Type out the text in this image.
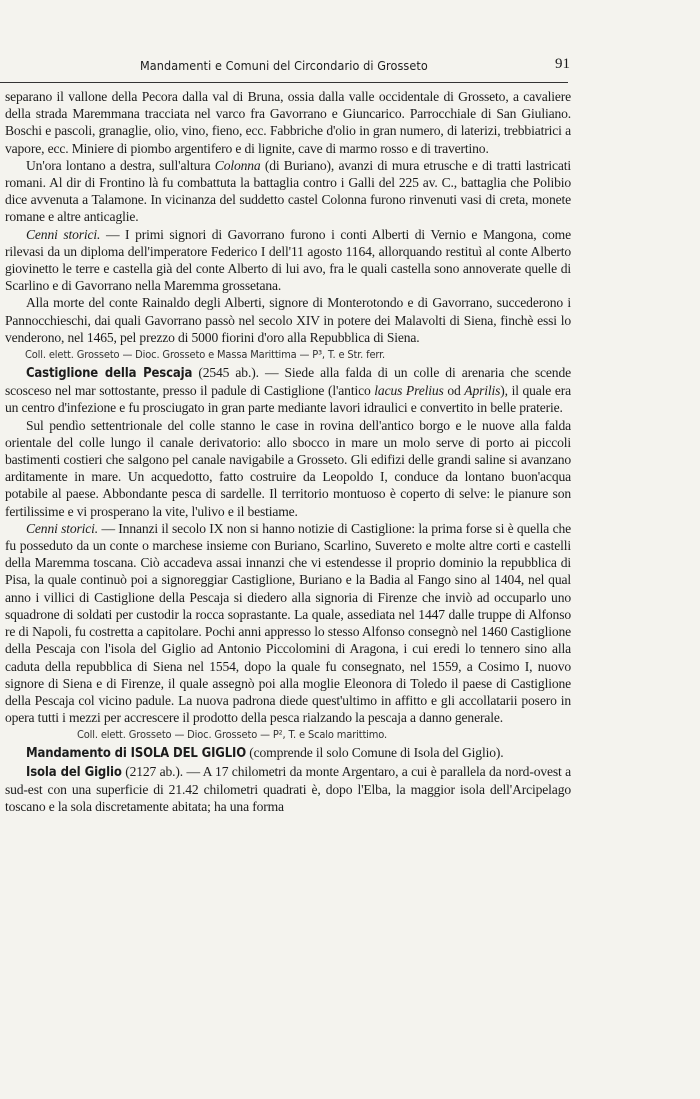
Mandamenti e Comuni del Circondario di Grosseto	91

separano il vallone della Pecora dalla val di Bruna, ossia dalla valle occidentale di Grosseto, a cavaliere della strada Maremmana tracciata nel varco fra Gavorrano e Giuncarico. Parrocchiale di San Giuliano. Boschi e pascoli, granaglie, olio, vino, fieno, ecc. Fabbriche d'olio in gran numero, di laterizi, trebbiatrici a vapore, ecc. Miniere di piombo argentifero e di lignite, cave di marmo rosso e di travertino.

Un'ora lontano a destra, sull'altura Colonna (di Buriano), avanzi di mura etrusche e di tratti lastricati romani. Al dir di Frontino là fu combattuta la battaglia contro i Galli del 225 av. C., battaglia che Polibio dice avvenuta a Talamone. In vicinanza del suddetto castel Colonna furono rinvenuti vasi di creta, monete romane e altre anticaglie.

Cenni storici. — I primi signori di Gavorrano furono i conti Alberti di Vernio e Mangona, come rilevasi da un diploma dell'imperatore Federico I dell'11 agosto 1164, allorquando restituì al conte Alberto giovinetto le terre e castella già del conte Alberto di lui avo, fra le quali castella sono annoverate quelle di Scarlino e di Gavorrano nella Maremma grossetana.

Alla morte del conte Rainaldo degli Alberti, signore di Monterotondo e di Gavorrano, succederono i Pannocchieschi, dai quali Gavorrano passò nel secolo XIV in potere dei Malavolti di Siena, finchè essi lo venderono, nel 1465, pel prezzo di 5000 fiorini d'oro alla Repubblica di Siena.

Coll. elett. Grosseto — Dioc. Grosseto e Massa Marittima — P³, T. e Str. ferr.

Castiglione della Pescaja (2545 ab.). — Siede alla falda di un colle di arenaria che scende scosceso nel mar sottostante, presso il padule di Castiglione (l'antico lacus Prelius od Aprilis), il quale era un centro d'infezione e fu prosciugato in gran parte mediante lavori idraulici e convertito in belle praterie.

Sul pendìo settentrionale del colle stanno le case in rovina dell'antico borgo e le nuove alla falda orientale del colle lungo il canale derivatorio: allo sbocco in mare un molo serve di porto ai piccoli bastimenti costieri che salgono pel canale navigabile a Grosseto. Gli edifizi delle grandi saline si avanzano arditamente in mare. Un acquedotto, fatto costruire da Leopoldo I, conduce da lontano buon'acqua potabile al paese. Abbondante pesca di sardelle. Il territorio montuoso è coperto di selve: le pianure son fertilissime e vi prosperano la vite, l'ulivo e il bestiame.

Cenni storici. — Innanzi il secolo IX non si hanno notizie di Castiglione: la prima forse si è quella che fu posseduto da un conte o marchese insieme con Buriano, Scarlino, Suvereto e molte altre corti e castelli della Maremma toscana. Ciò accadeva assai innanzi che vi estendesse il proprio dominio la repubblica di Pisa, la quale continuò poi a signoreggiar Castiglione, Buriano e la Badia al Fango sino al 1404, nel qual anno i villici di Castiglione della Pescaja si diedero alla signoria di Firenze che inviò ad occuparlo uno squadrone di soldati per custodir la rocca soprastante. La quale, assediata nel 1447 dalle truppe di Alfonso re di Napoli, fu costretta a capitolare. Pochi anni appresso lo stesso Alfonso consegnò nel 1460 Castiglione della Pescaja con l'isola del Giglio ad Antonio Piccolomini di Aragona, i cui eredi lo tennero sino alla caduta della repubblica di Siena nel 1554, dopo la quale fu consegnato, nel 1559, a Cosimo I, nuovo signore di Siena e di Firenze, il quale assegnò poi alla moglie Eleonora di Toledo il paese di Castiglione della Pescaja col vicino padule. La nuova padrona diede quest'ultimo in affitto e gli accollatarii posero in opera tutti i mezzi per accrescere il prodotto della pesca rialzando la pescaja a danno generale.

Coll. elett. Grosseto — Dioc. Grosseto — P², T. e Scalo marittimo.

Mandamento di ISOLA DEL GIGLIO (comprende il solo Comune di Isola del Giglio).

Isola del Giglio (2127 ab.). — A 17 chilometri da monte Argentaro, a cui è parallela da nord-ovest a sud-est con una superficie di 21.42 chilometri quadrati è, dopo l'Elba, la maggior isola dell'Arcipelago toscano e la sola discretamente abitata; ha una forma
